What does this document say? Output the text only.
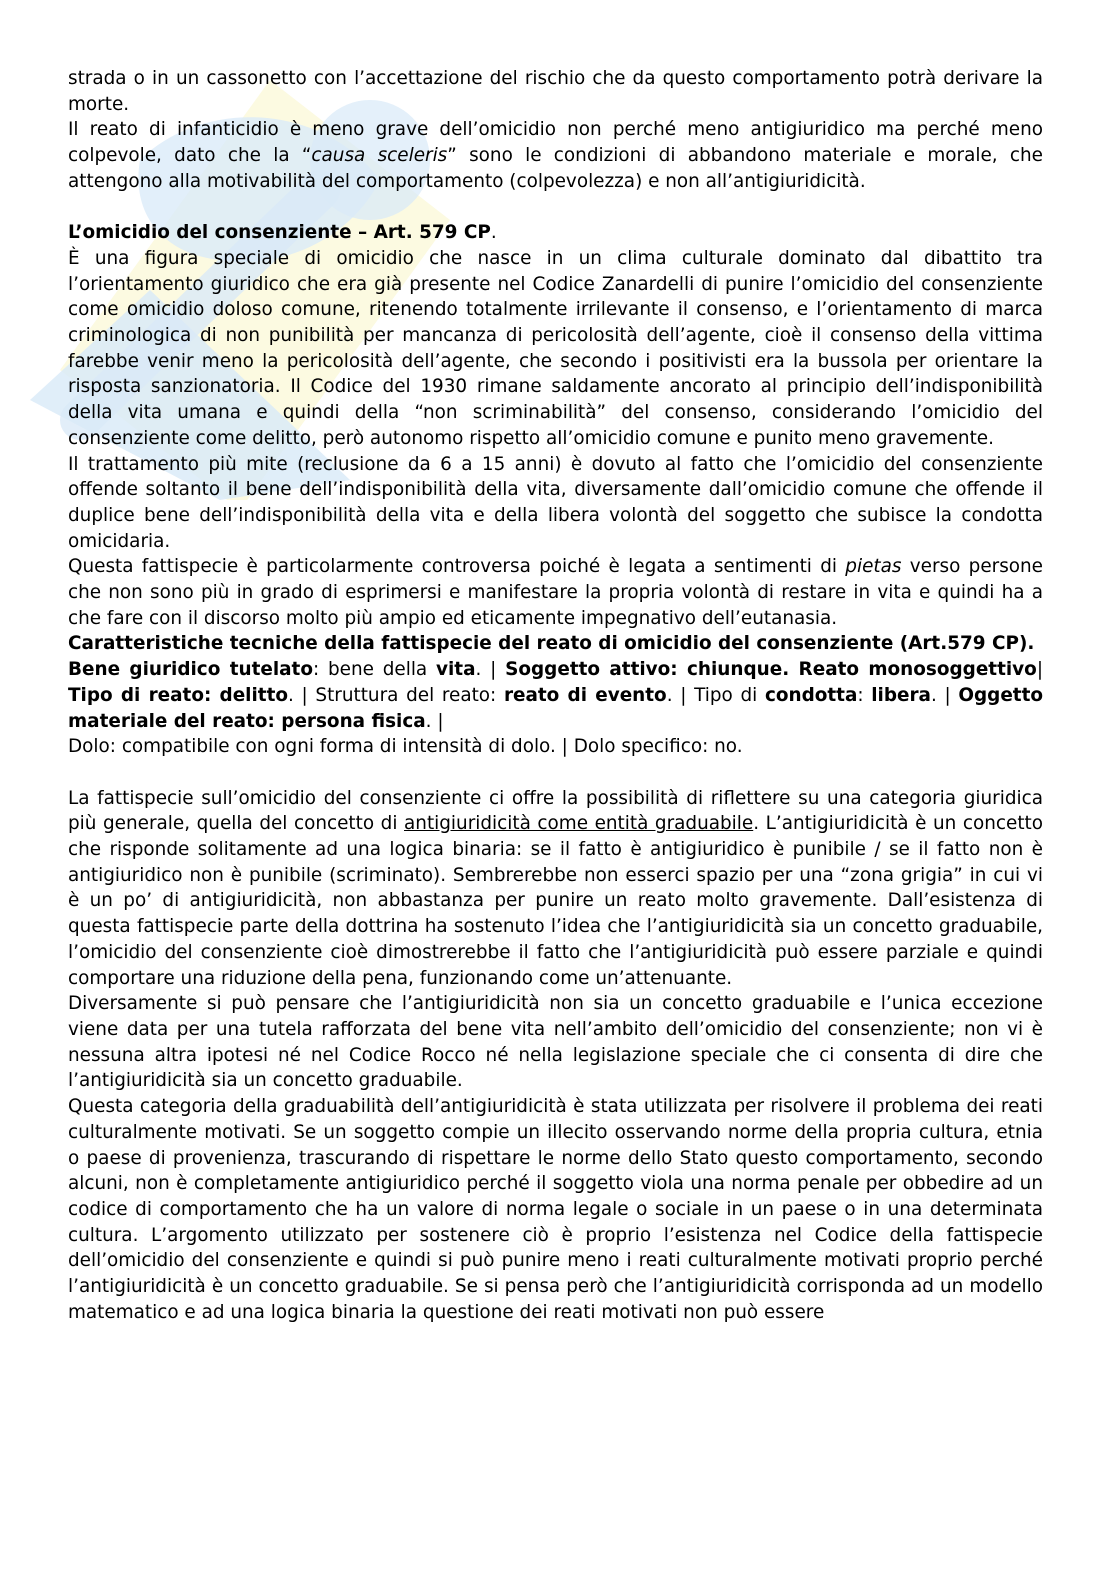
strada o in un cassonetto con l’accettazione del rischio che da questo comportamento potrà derivare la morte.

Il reato di infanticidio è meno grave dell’omicidio non perché meno antigiuridico ma perché meno colpevole, dato che la “causa sceleris” sono le condizioni di abbandono materiale e morale, che attengono alla motivabilità del comportamento (colpevolezza) e non all’antigiuridicità.

L’omicidio del consenziente – Art. 579 CP.

È una figura speciale di omicidio che nasce in un clima culturale dominato dal dibattito tra l’orientamento giuridico che era già presente nel Codice Zanardelli di punire l’omicidio del consenziente come omicidio doloso comune, ritenendo totalmente irrilevante il consenso, e l’orientamento di marca criminologica di non punibilità per mancanza di pericolosità dell’agente, cioè il consenso della vittima farebbe venir meno la pericolosità dell’agente, che secondo i positivisti era la bussola per orientare la risposta sanzionatoria. Il Codice del 1930 rimane saldamente ancorato al principio dell’indisponibilità della vita umana e quindi della “non scriminabilità” del consenso, considerando l’omicidio del consenziente come delitto, però autonomo rispetto all’omicidio comune e punito meno gravemente.

Il trattamento più mite (reclusione da 6 a 15 anni) è dovuto al fatto che l’omicidio del consenziente offende soltanto il bene dell’indisponibilità della vita, diversamente dall’omicidio comune che offende il duplice bene dell’indisponibilità della vita e della libera volontà del soggetto che subisce la condotta omicidaria.

Questa fattispecie è particolarmente controversa poiché è legata a sentimenti di pietas verso persone che non sono più in grado di esprimersi e manifestare la propria volontà di restare in vita e quindi ha a che fare con il discorso molto più ampio ed eticamente impegnativo dell’eutanasia.

Caratteristiche tecniche della fattispecie del reato di omicidio del consenziente (Art.579 CP).

Bene giuridico tutelato: bene della vita. | Soggetto attivo: chiunque. Reato monosoggettivo| Tipo di reato: delitto. | Struttura del reato: reato di evento. | Tipo di condotta: libera. | Oggetto materiale del reato: persona fisica. |

Dolo: compatibile con ogni forma di intensità di dolo. | Dolo specifico: no.

La fattispecie sull’omicidio del consenziente ci offre la possibilità di riflettere su una categoria giuridica più generale, quella del concetto di antigiuridicità come entità graduabile. L’antigiuridicità è un concetto che risponde solitamente ad una logica binaria: se il fatto è antigiuridico è punibile / se il fatto non è antigiuridico non è punibile (scriminato). Sembrerebbe non esserci spazio per una “zona grigia” in cui vi è un po’ di antigiuridicità, non abbastanza per punire un reato molto gravemente. Dall’esistenza di questa fattispecie parte della dottrina ha sostenuto l’idea che l’antigiuridicità sia un concetto graduabile, l’omicidio del consenziente cioè dimostrerebbe il fatto che l’antigiuridicità può essere parziale e quindi comportare una riduzione della pena, funzionando come un’attenuante.

Diversamente si può pensare che l’antigiuridicità non sia un concetto graduabile e l’unica eccezione viene data per una tutela rafforzata del bene vita nell’ambito dell’omicidio del consenziente; non vi è nessuna altra ipotesi né nel Codice Rocco né nella legislazione speciale che ci consenta di dire che l’antigiuridicità sia un concetto graduabile.

Questa categoria della graduabilità dell’antigiuridicità è stata utilizzata per risolvere il problema dei reati culturalmente motivati. Se un soggetto compie un illecito osservando norme della propria cultura, etnia o paese di provenienza, trascurando di rispettare le norme dello Stato questo comportamento, secondo alcuni, non è completamente antigiuridico perché il soggetto viola una norma penale per obbedire ad un codice di comportamento che ha un valore di norma legale o sociale in un paese o in una determinata cultura. L’argomento utilizzato per sostenere ciò è proprio l’esistenza nel Codice della fattispecie dell’omicidio del consenziente e quindi si può punire meno i reati culturalmente motivati proprio perché l’antigiuridicità è un concetto graduabile. Se si pensa però che l’antigiuridicità corrisponda ad un modello matematico e ad una logica binaria la questione dei reati motivati non può essere
